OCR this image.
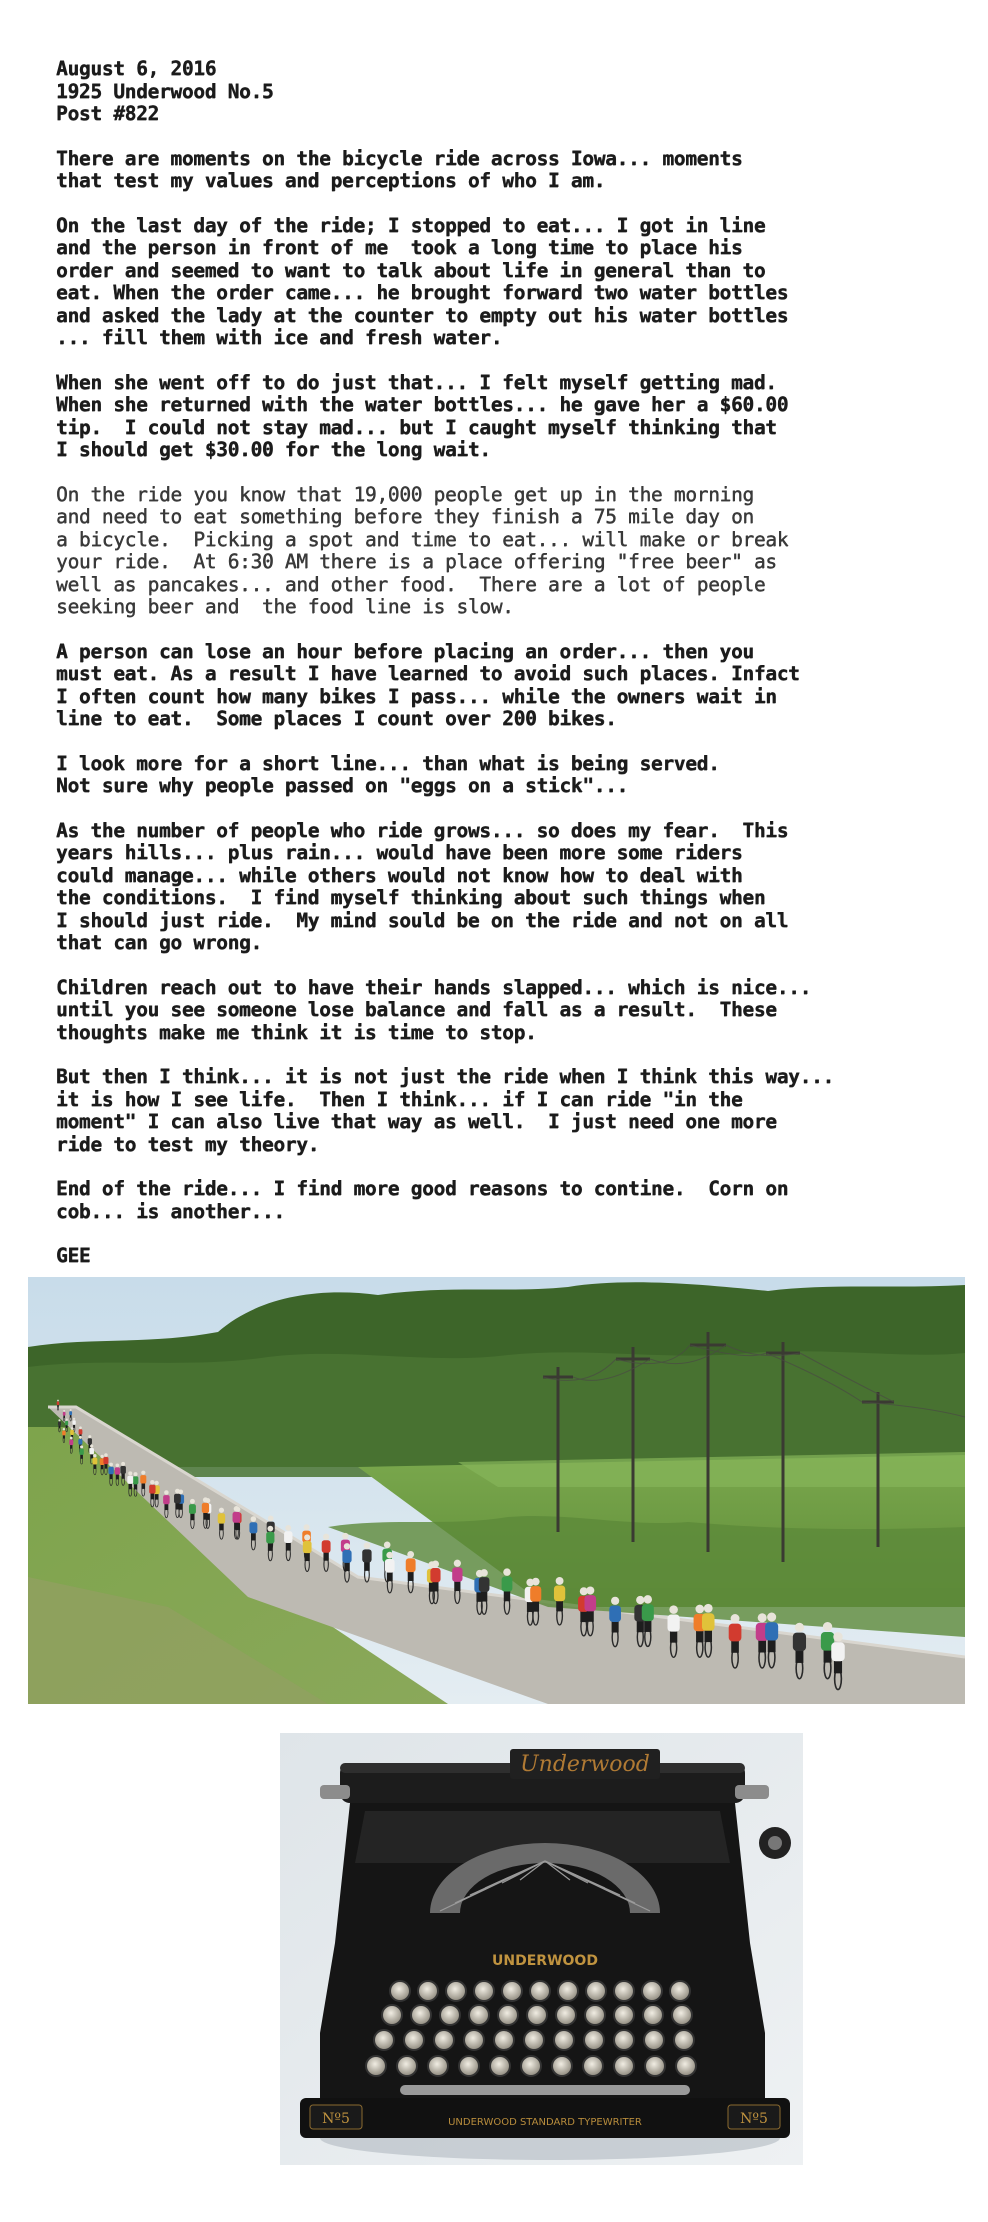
August 6, 2016
1925 Underwood No.5
Post #822
There are moments on the bicycle ride across Iowa... moments
that test my values and perceptions of who I am.
On the last day of the ride; I stopped to eat... I got in line
and the person in front of me  took a long time to place his
order and seemed to want to talk about life in general than to
eat. When the order came... he brought forward two water bottles
and asked the lady at the counter to empty out his water bottles
... fill them with ice and fresh water.
When she went off to do just that... I felt myself getting mad.
When she returned with the water bottles... he gave her a $60.00
tip.  I could not stay mad... but I caught myself thinking that
I should get $30.00 for the long wait.
On the ride you know that 19,000 people get up in the morning
and need to eat something before they finish a 75 mile day on
a bicycle.  Picking a spot and time to eat... will make or break
your ride.  At 6:30 AM there is a place offering "free beer" as
well as pancakes... and other food.  There are a lot of people
seeking beer and  the food line is slow.
A person can lose an hour before placing an order... then you
must eat. As a result I have learned to avoid such places. Infact
I often count how many bikes I pass... while the owners wait in
line to eat.  Some places I count over 200 bikes.
I look more for a short line... than what is being served.
Not sure why people passed on "eggs on a stick"...
As the number of people who ride grows... so does my fear.  This
years hills... plus rain... would have been more some riders
could manage... while others would not know how to deal with
the conditions.  I find myself thinking about such things when
I should just ride.  My mind sould be on the ride and not on all
that can go wrong.
Children reach out to have their hands slapped... which is nice...
until you see someone lose balance and fall as a result.  These
thoughts make me think it is time to stop.
But then I think... it is not just the ride when I think this way...
it is how I see life.  Then I think... if I can ride "in the
moment" I can also live that way as well.  I just need one more
ride to test my theory.
End of the ride... I find more good reasons to contine.  Corn on
cob... is another...
GEE
Underwood
UNDERWOOD
Nº5	Nº5
UNDERWOOD STANDARD TYPEWRITER
